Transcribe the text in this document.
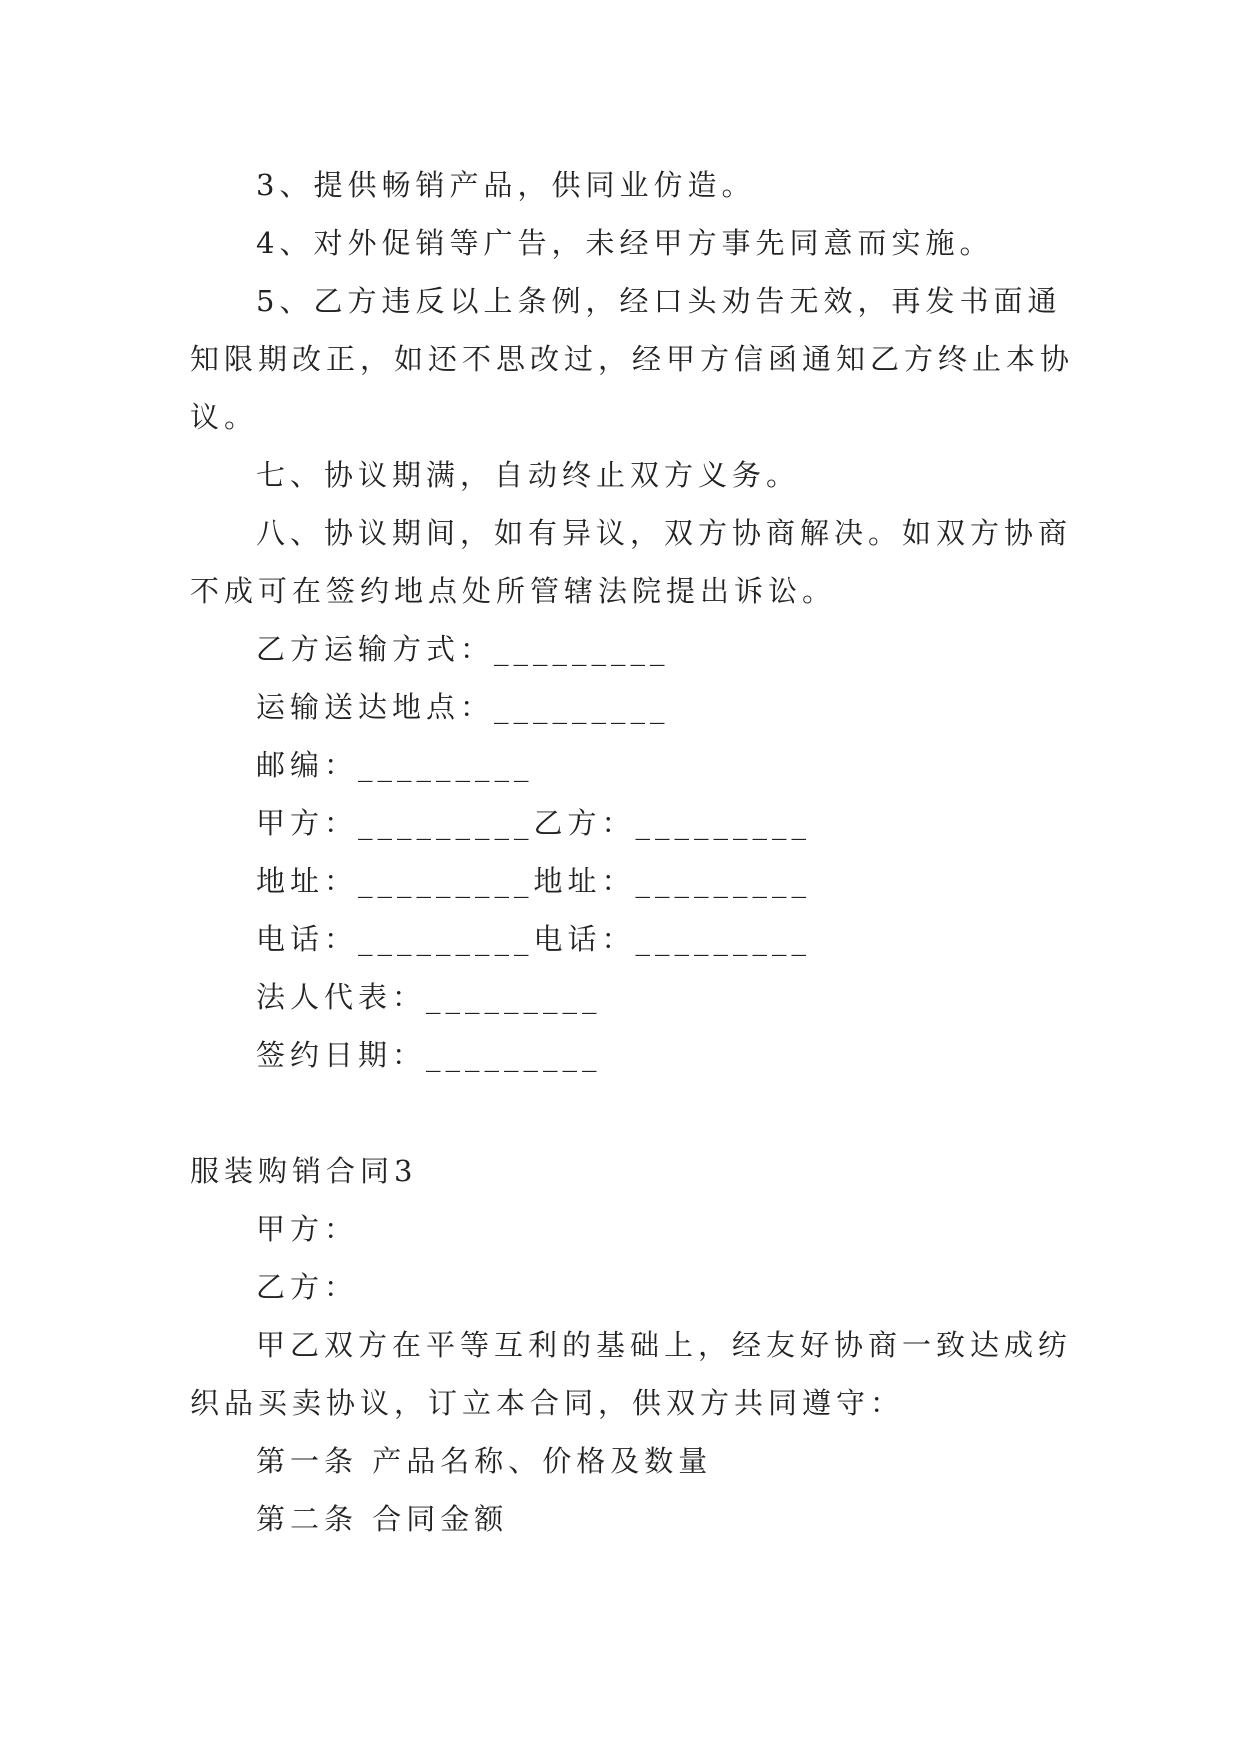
3、提供畅销产品，供同业仿造。

4、对外促销等广告，未经甲方事先同意而实施。

5、乙方违反以上条例，经口头劝告无效，再发书面通

知限期改正，如还不思改过，经甲方信函通知乙方终止本协

议。

七、协议期满，自动终止双方义务。

八、协议期间，如有异议，双方协商解决。如双方协商

不成可在签约地点处所管辖法院提出诉讼。

乙方运输方式：_________

运输送达地点：_________

邮编：_________

甲方：_________乙方：_________

地址：_________地址：_________

电话：_________电话：_________

法人代表：_________

签约日期：_________

服装购销合同3

甲方：

乙方：

甲乙双方在平等互利的基础上，经友好协商一致达成纺

织品买卖协议，订立本合同，供双方共同遵守：

第一条 产品名称、价格及数量

第二条 合同金额
